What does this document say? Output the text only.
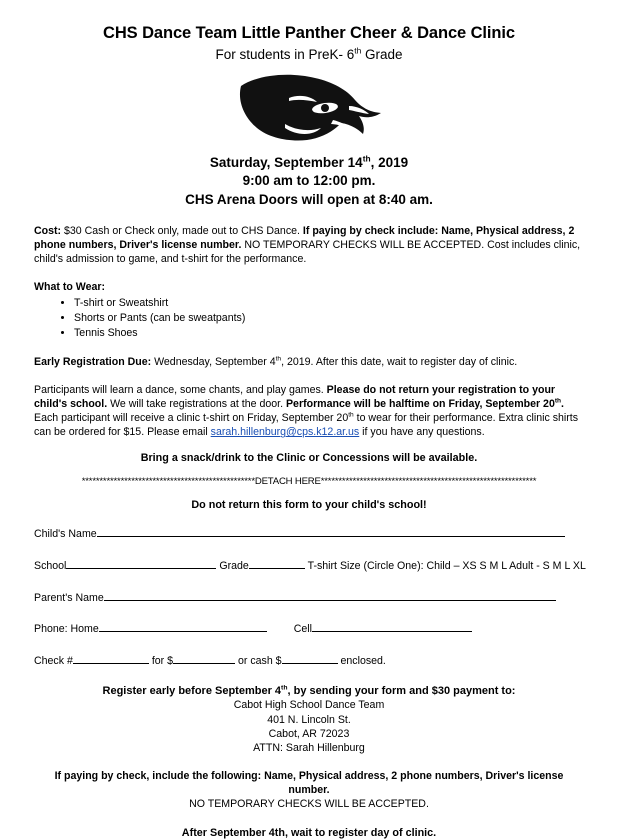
CHS Dance Team Little Panther Cheer & Dance Clinic
For students in PreK- 6th Grade
Saturday, September 14th, 2019
9:00 am to 12:00 pm.
CHS Arena Doors will open at 8:40 am.
Cost: $30 Cash or Check only, made out to CHS Dance. If paying by check include: Name, Physical address, 2 phone numbers, Driver's license number. NO TEMPORARY CHECKS WILL BE ACCEPTED. Cost includes clinic, child's admission to game, and t-shirt for the performance.
What to Wear:
• T-shirt or Sweatshirt
• Shorts or Pants (can be sweatpants)
• Tennis Shoes
Early Registration Due: Wednesday, September 4th, 2019. After this date, wait to register day of clinic.
Participants will learn a dance, some chants, and play games. Please do not return your registration to your child's school. We will take registrations at the door. Performance will be halftime on Friday, September 20th. Each participant will receive a clinic t-shirt on Friday, September 20th to wear for their performance. Extra clinic shirts can be ordered for $15. Please email sarah.hillenburg@cps.k12.ar.us if you have any questions.
Bring a snack/drink to the Clinic or Concessions will be available.
*************************************************DETACH HERE*************************************************************
Do not return this form to your child's school!
Child's Name
School	Grade	T-shirt Size (Circle One): Child – XS S M L Adult - S M L XL
Parent's Name
Phone: Home	Cell
Check #	for $	or cash $	enclosed.
Register early before September 4th, by sending your form and $30 payment to:
Cabot High School Dance Team
401 N. Lincoln St.
Cabot, AR 72023
ATTN: Sarah Hillenburg
If paying by check, include the following: Name, Physical address, 2 phone numbers, Driver's license number.
NO TEMPORARY CHECKS WILL BE ACCEPTED.
After September 4th, wait to register day of clinic.
